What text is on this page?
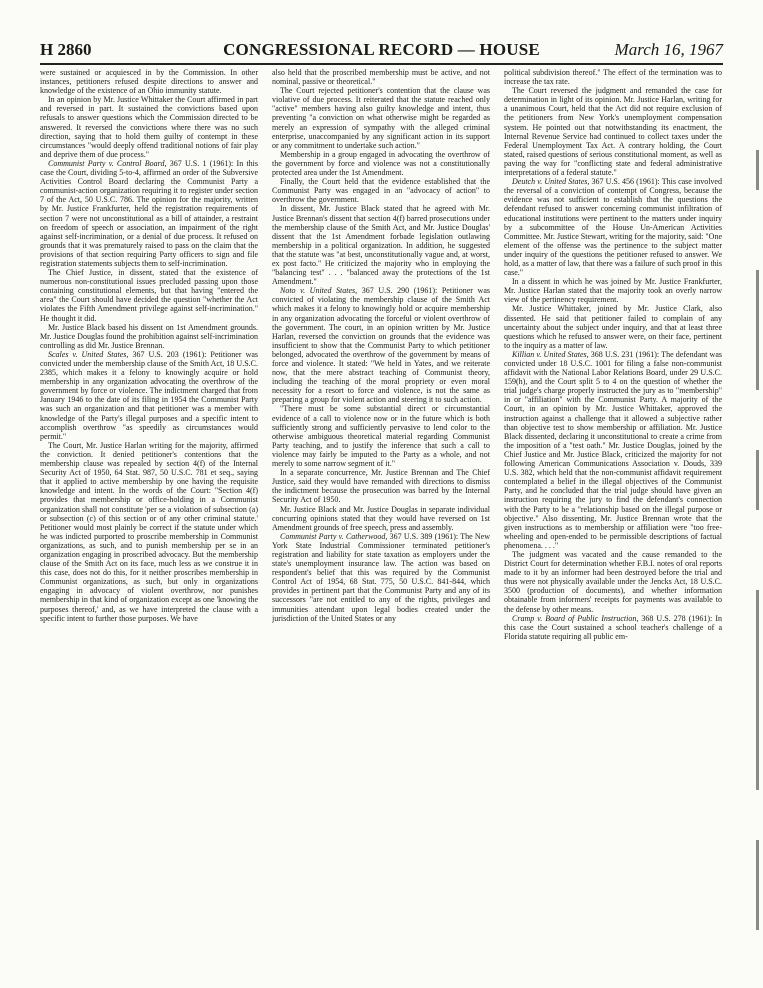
H 2860	CONGRESSIONAL RECORD — HOUSE	March 16, 1967

were sustained or acquiesced in by the Commission. In other instances, petitioners refused despite directions to answer and knowledge of the existence of an Ohio immunity statute.

In an opinion by Mr. Justice Whittaker the Court affirmed in part and reversed in part. It sustained the convictions based upon refusals to answer questions which the Commission directed to be answered. It reversed the convictions where there was no such direction, saying that to hold them guilty of contempt in these circumstances "would deeply offend traditional notions of fair play and deprive them of due process."

Communist Party v. Control Board, 367 U.S. 1 (1961): In this case the Court, dividing 5-to-4, affirmed an order of the Subversive Activities Control Board declaring the Communist Party a communist-action organization requiring it to register under section 7 of the Act, 50 U.S.C. 786. The opinion for the majority, written by Mr. Justice Frankfurter, held the registration requirements of section 7 were not unconstitutional as a bill of attainder, a restraint on freedom of speech or association, an impairment of the right against self-incrimination, or a denial of due process. It refused on grounds that it was prematurely raised to pass on the claim that the provisions of that section requiring Party officers to sign and file registration statements subjects them to self-incrimination.

The Chief Justice, in dissent, stated that the existence of numerous non-constitutional issues precluded passing upon those containing constitutional elements, but that having "entered the area" the Court should have decided the question "whether the Act violates the Fifth Amendment privilege against self-incrimination." He thought it did.

Mr. Justice Black based his dissent on 1st Amendment grounds. Mr. Justice Douglas found the prohibition against self-incrimination controlling as did Mr. Justice Brennan.

Scales v. United States, 367 U.S. 203 (1961): Petitioner was convicted under the membership clause of the Smith Act, 18 U.S.C. 2385, which makes it a felony to knowingly acquire or hold membership in any organization advocating the overthrow of the government by force or violence. The indictment charged that from January 1946 to the date of its filing in 1954 the Communist Party was such an organization and that petitioner was a member with knowledge of the Party's illegal purposes and a specific intent to accomplish overthrow "as speedily as circumstances would permit."

The Court, Mr. Justice Harlan writing for the majority, affirmed the conviction. It denied petitioner's contentions that the membership clause was repealed by section 4(f) of the Internal Security Act of 1950, 64 Stat. 987, 50 U.S.C. 781 et seq., saying that it applied to active membership by one having the requisite knowledge and intent. In the words of the Court: "Section 4(f) provides that membership or office-holding in a Communist organization shall not constitute 'per se a violation of subsection (a) or subsection (c) of this section or of any other criminal statute.' Petitioner would most plainly be correct if the statute under which he was indicted purported to proscribe membership in Communist organizations, as such, and to punish membership per se in an organization engaging in proscribed advocacy. But the membership clause of the Smith Act on its face, much less as we construe it in this case, does not do this, for it neither proscribes membership in Communist organizations, as such, but only in organizations engaging in advocacy of violent overthrow, nor punishes membership in that kind of organization except as one 'knowing the purposes thereof,' and, as we have interpreted the clause with a specific intent to further those purposes. We have

also held that the proscribed membership must be active, and not nominal, passive or theoretical."

The Court rejected petitioner's contention that the clause was violative of due process. It reiterated that the statute reached only "active" members having also guilty knowledge and intent, thus preventing "a conviction on what otherwise might be regarded as merely an expression of sympathy with the alleged criminal enterprise, unaccompanied by any significant action in its support or any commitment to undertake such action."

Membership in a group engaged in advocating the overthrow of the government by force and violence was not a constitutionally protected area under the 1st Amendment.

Finally, the Court held that the evidence established that the Communist Party was engaged in an "advocacy of action" to overthrow the government.

In dissent, Mr. Justice Black stated that he agreed with Mr. Justice Brennan's dissent that section 4(f) barred prosecutions under the membership clause of the Smith Act, and Mr. Justice Douglas' dissent that the 1st Amendment forbade legislation outlawing membership in a political organization. In addition, he suggested that the statute was "at best, unconstitutionally vague and, at worst, ex post facto." He criticized the majority who in employing the "balancing test" . . . "balanced away the protections of the 1st Amendment."

Noto v. United States, 367 U.S. 290 (1961): Petitioner was convicted of violating the membership clause of the Smith Act which makes it a felony to knowingly hold or acquire membership in any organization advocating the forceful or violent overthrow of the government. The court, in an opinion written by Mr. Justice Harlan, reversed the conviction on grounds that the evidence was insufficient to show that the Communist Party to which petitioner belonged, advocated the overthrow of the government by means of force and violence. It stated: "We held in Yates, and we reiterate now, that the mere abstract teaching of Communist theory, including the teaching of the moral propriety or even moral necessity for a resort to force and violence, is not the same as preparing a group for violent action and steering it to such action.

"There must be some substantial direct or circumstantial evidence of a call to violence now or in the future which is both sufficiently strong and sufficiently pervasive to lend color to the otherwise ambiguous theoretical material regarding Communist Party teaching, and to justify the inference that such a call to violence may fairly be imputed to the Party as a whole, and not merely to some narrow segment of it."

In a separate concurrence, Mr. Justice Brennan and The Chief Justice, said they would have remanded with directions to dismiss the indictment because the prosecution was barred by the Internal Security Act of 1950.

Mr. Justice Black and Mr. Justice Douglas in separate individual concurring opinions stated that they would have reversed on 1st Amendment grounds of free speech, press and assembly.

Communist Party v. Catherwood, 367 U.S. 389 (1961): The New York State Industrial Commissioner terminated petitioner's registration and liability for state taxation as employers under the state's unemployment insurance law. The action was based on respondent's belief that this was required by the Communist Control Act of 1954, 68 Stat. 775, 50 U.S.C. 841-844, which provides in pertinent part that the Communist Party and any of its successors "are not entitled to any of the rights, privileges and immunities attendant upon legal bodies created under the jurisdiction of the United States or any

political subdivision thereof." The effect of the termination was to increase the tax rate.

The Court reversed the judgment and remanded the case for determination in light of its opinion. Mr. Justice Harlan, writing for a unanimous Court, held that the Act did not require exclusion of the petitioners from New York's unemployment compensation system. He pointed out that notwithstanding its enactment, the Internal Revenue Service had continued to collect taxes under the Federal Unemployment Tax Act. A contrary holding, the Court stated, raised questions of serious constitutional moment, as well as paving the way for "conflicting state and federal administrative interpretations of a federal statute."

Deutch v. United States, 367 U.S. 456 (1961): This case involved the reversal of a conviction of contempt of Congress, because the evidence was not sufficient to establish that the questions the defendant refused to answer concerning communist infiltration of educational institutions were pertinent to the matters under inquiry by a subcommittee of the House Un-American Activities Committee. Mr. Justice Stewart, writing for the majority, said: "One element of the offense was the pertinence to the subject matter under inquiry of the questions the petitioner refused to answer. We hold, as a matter of law, that there was a failure of such proof in this case."

In a dissent in which he was joined by Mr. Justice Frankfurter, Mr. Justice Harlan stated that the majority took an overly narrow view of the pertinency requirement.

Mr. Justice Whittaker, joined by Mr. Justice Clark, also dissented. He said that petitioner failed to complain of any uncertainty about the subject under inquiry, and that at least three questions which he refused to answer were, on their face, pertinent to the inquiry as a matter of law.

Killian v. United States, 368 U.S. 231 (1961): The defendant was convicted under 18 U.S.C. 1001 for filing a false non-communist affidavit with the National Labor Relations Board, under 29 U.S.C. 159(h), and the Court split 5 to 4 on the question of whether the trial judge's charge properly instructed the jury as to "membership" in or "affiliation" with the Communist Party. A majority of the Court, in an opinion by Mr. Justice Whittaker, approved the instruction against a challenge that it allowed a subjective rather than objective test to show membership or affiliation. Mr. Justice Black dissented, declaring it unconstitutional to create a crime from the imposition of a "test oath." Mr. Justice Douglas, joined by the Chief Justice and Mr. Justice Black, criticized the majority for not following American Communications Association v. Douds, 339 U.S. 382, which held that the non-communist affidavit requirement contemplated a belief in the illegal objectives of the Communist Party, and he concluded that the trial judge should have given an instruction requiring the jury to find the defendant's connection with the Party to be a "relationship based on the illegal purpose or objective." Also dissenting, Mr. Justice Brennan wrote that the given instructions as to membership or affiliation were "too free-wheeling and open-ended to be permissible descriptions of factual phenomena. . . ."

The judgment was vacated and the cause remanded to the District Court for determination whether F.B.I. notes of oral reports made to it by an informer had been destroyed before the trial and thus were not physically available under the Jencks Act, 18 U.S.C. 3500 (production of documents), and whether information obtainable from informers' receipts for payments was available to the defense by other means.

Cramp v. Board of Public Instruction, 368 U.S. 278 (1961): In this case the Court sustained a school teacher's challenge of a Florida statute requiring all public em-
